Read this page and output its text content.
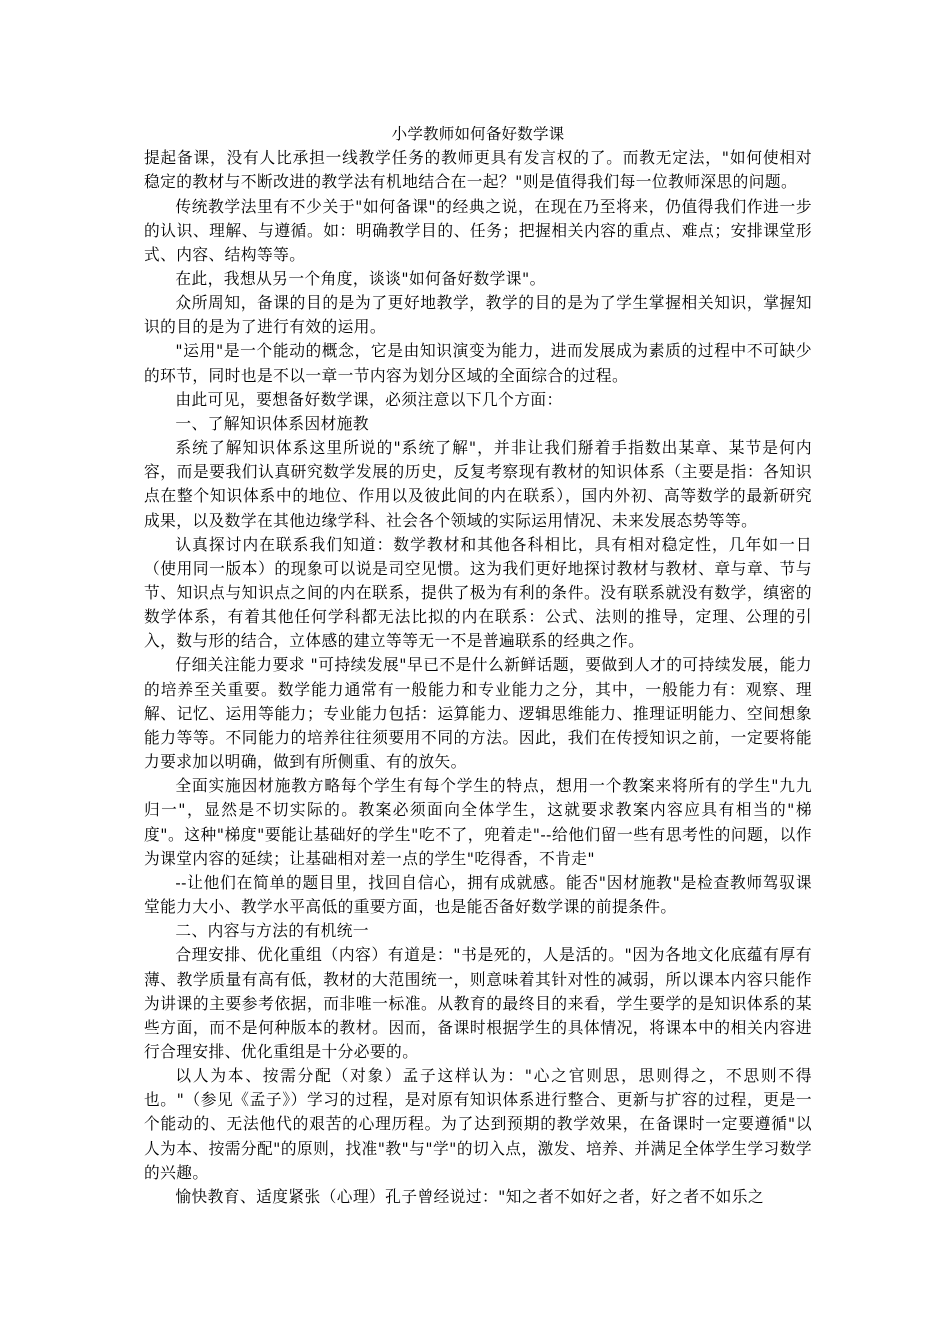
小学教师如何备好数学课

提起备课，没有人比承担一线教学任务的教师更具有发言权的了。而教无定法，"如何使相对稳定的教材与不断改进的教学法有机地结合在一起？"则是值得我们每一位教师深思的问题。

传统教学法里有不少关于"如何备课"的经典之说，在现在乃至将来，仍值得我们作进一步的认识、理解、与遵循。如：明确教学目的、任务；把握相关内容的重点、难点；安排课堂形式、内容、结构等等。

在此，我想从另一个角度，谈谈"如何备好数学课"。

众所周知，备课的目的是为了更好地教学，教学的目的是为了学生掌握相关知识，掌握知识的目的是为了进行有效的运用。

"运用"是一个能动的概念，它是由知识演变为能力，进而发展成为素质的过程中不可缺少的环节，同时也是不以一章一节内容为划分区域的全面综合的过程。

由此可见，要想备好数学课，必须注意以下几个方面：

一、了解知识体系因材施教

系统了解知识体系这里所说的"系统了解"，并非让我们掰着手指数出某章、某节是何内容，而是要我们认真研究数学发展的历史，反复考察现有教材的知识体系（主要是指：各知识点在整个知识体系中的地位、作用以及彼此间的内在联系），国内外初、高等数学的最新研究成果，以及数学在其他边缘学科、社会各个领域的实际运用情况、未来发展态势等等。

认真探讨内在联系我们知道：数学教材和其他各科相比，具有相对稳定性，几年如一日（使用同一版本）的现象可以说是司空见惯。这为我们更好地探讨教材与教材、章与章、节与节、知识点与知识点之间的内在联系，提供了极为有利的条件。没有联系就没有数学，缜密的数学体系，有着其他任何学科都无法比拟的内在联系：公式、法则的推导，定理、公理的引入，数与形的结合，立体感的建立等等无一不是普遍联系的经典之作。

仔细关注能力要求 "可持续发展"早已不是什么新鲜话题，要做到人才的可持续发展，能力的培养至关重要。数学能力通常有一般能力和专业能力之分，其中，一般能力有：观察、理解、记忆、运用等能力；专业能力包括：运算能力、逻辑思维能力、推理证明能力、空间想象能力等等。不同能力的培养往往须要用不同的方法。因此，我们在传授知识之前，一定要将能力要求加以明确，做到有所侧重、有的放矢。

全面实施因材施教方略每个学生有每个学生的特点，想用一个教案来将所有的学生"九九归一"，显然是不切实际的。教案必须面向全体学生，这就要求教案内容应具有相当的"梯度"。这种"梯度"要能让基础好的学生"吃不了，兜着走"--给他们留一些有思考性的问题，以作为课堂内容的延续；让基础相对差一点的学生"吃得香，不肯走"

--让他们在简单的题目里，找回自信心，拥有成就感。能否"因材施教"是检查教师驾驭课堂能力大小、教学水平高低的重要方面，也是能否备好数学课的前提条件。

二、内容与方法的有机统一

合理安排、优化重组（内容）有道是："书是死的，人是活的。"因为各地文化底蕴有厚有薄、教学质量有高有低，教材的大范围统一，则意味着其针对性的减弱，所以课本内容只能作为讲课的主要参考依据，而非唯一标准。从教育的最终目的来看，学生要学的是知识体系的某些方面，而不是何种版本的教材。因而，备课时根据学生的具体情况，将课本中的相关内容进行合理安排、优化重组是十分必要的。

以人为本、按需分配（对象）孟子这样认为："心之官则思，思则得之，不思则不得也。"（参见《孟子》）学习的过程，是对原有知识体系进行整合、更新与扩容的过程，更是一个能动的、无法他代的艰苦的心理历程。为了达到预期的教学效果，在备课时一定要遵循"以人为本、按需分配"的原则，找准"教"与"学"的切入点，激发、培养、并满足全体学生学习数学的兴趣。

愉快教育、适度紧张（心理）孔子曾经说过："知之者不如好之者，好之者不如乐之
